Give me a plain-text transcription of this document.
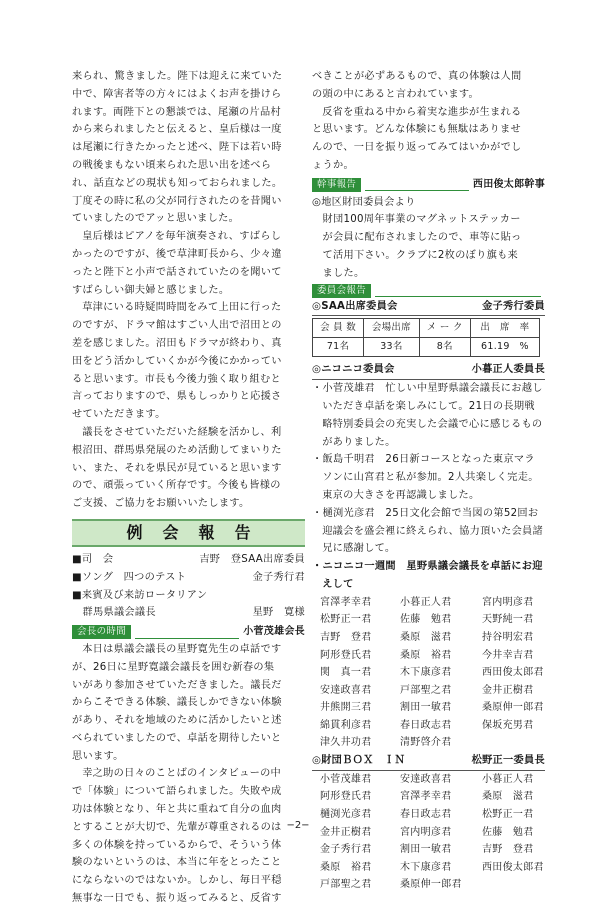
来られ、驚きました。陛下は迎えに来ていた

中で、障害者等の方々にはよくお声を掛けら

れます。両陛下との懇談では、尾瀬の片品村

から来られましたと伝えると、皇后様は一度

は尾瀬に行きたかったと述べ、陛下は若い時

の戦後まもない頃来られた思い出を述べら

れ、話直などの現状も知っておられました。

丁度その時に私の父が同行されたのを昔聞い

ていましたのでアッと思いました。

皇后様はピアノを毎年演奏され、すばらし

かったのですが、後で草津町長から、少々違

ったと陛下と小声で話されていたのを聞いて

すばらしい御夫婦と感じました。

草津にいる時疑問時間をみて上田に行った

のですが、ドラマ館はすごい人出で沼田との

差を感じました。沼田もドラマが終わり、真

田をどう活かしていくかが今後にかかってい

ると思います。市長も今後力強く取り組むと

言っておりますので、県もしっかりと応援さ

せていただきます。

議長をさせていただいた経験を活かし、利

根沼田、群馬県発展のため活動してまいりた

い、また、それを県民が見ていると思います

ので、頑張っていく所存です。今後も皆様の

ご支援、ご協力をお願いいたします。

例会報告
■司　会	吉野　登SAA出席委員
■ソング　四つのテスト	金子秀行君
■来賓及び来訪ロータリアン
　群馬県議会議長	星野　寛様
会長の時間	小菅茂雄会長

本日は県議会議長の星野寛先生の卓話です

が、26日に星野寛議会議長を囲む新春の集

いがあり参加させていただきました。議長だ

からこそできる体験、議長しかできない体験

があり、それを地域のために活かしたいと述

べられていましたので、卓話を期待したいと

思います。

幸之助の日々のことばのインタビューの中

で「体験」について語られました。失敗や成

功は体験となり、年と共に重ねて自分の血肉

とすることが大切で、先輩が尊重されるのは

多くの体験を持っているからで、そういう体

験のないというのは、本当に年をとったこと

にならないのではないか。しかし、毎日平穏

無事な一日でも、振り返ってみると、反省す

べきことが必ずあるもので、真の体験は人間

の頭の中にあると言われています。

反省を重ねる中から着実な進歩が生まれる

と思います。どんな体験にも無駄はありませ

んので、一日を振り返ってみてはいかがでし

ょうか。

幹事報告	西田俊太郎幹事

◎地区財団委員会より

　財団100周年事業のマグネットステッカー

　が会員に配布されましたので、車等に貼っ

　て活用下さい。クラブに2枚のぼり旗も来

　ました。

委員会報告
◎SAA出席委員会	金子秀行委員
会 員 数	会場出席	メ ー ク	出　席　率
71名	33名	8名	61.19　%
◎ニコニコ委員会	小暮正人委員長

・小菅茂雄君　忙しい中星野県議会議長にお越しいただき卓話を楽しみにして。21日の長期戦略特別委員会の充実した会議で心に感じるものがありました。

・飯島千明君　26日新コースとなった東京マラソンに山宮君と私が参加。2人共楽しく完走。東京の大きさを再認識しました。

・樋渕光彦君　25日文化会館で当図の第52回お迎議会を盛会裡に終えられ、協力頂いた会員諸兄に感謝して。

・ニコニコ一週間　星野県議会議長を卓話にお迎えして

宮澤孝幸君	小暮正人君	宮内明彦君
松野正一君	佐藤　勉君	天野純一君
吉野　登君	桑原　滋君	持谷明宏君
阿形登氏君	桑原　裕君	今井幸吉君
関　真一君	木下康彦君	西田俊太郎君
安達政喜君	戸部聖之君	金井正樹君
井熊開三君	割田一敏君	桑原伸一郎君
綿貫利彦君	春日政志君	保坂充男君
津久井功君	清野啓介君
◎財団ＢＯＸ　ＩＮ	松野正一委員長
小菅茂雄君	安達政喜君	小暮正人君
阿形登氏君	宮澤孝幸君	桑原　滋君
樋渕光彦君	春日政志君	松野正一君
金井正樹君	宮内明彦君	佐藤　勉君
金子秀行君	割田一敏君	吉野　登君
桑原　裕君	木下康彦君	西田俊太郎君
戸部聖之君	桑原伸一郎君
−2−
